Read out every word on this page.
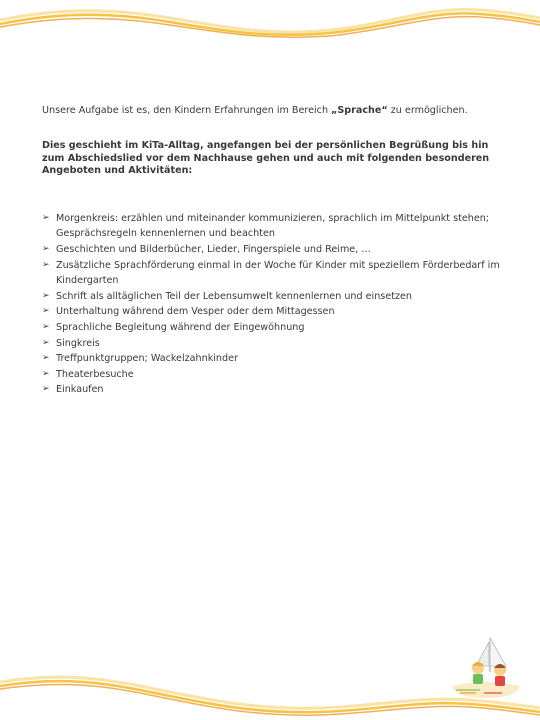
Unsere Aufgabe ist es, den Kindern Erfahrungen im Bereich „Sprache“ zu ermöglichen.

Dies geschieht im KiTa-Alltag, angefangen bei der persönlichen Begrüßung bis hin zum Abschiedslied vor dem Nachhause gehen und auch mit folgenden besonderen Angeboten und Aktivitäten:

➢ Morgenkreis: erzählen und miteinander kommunizieren, sprachlich im Mittelpunkt stehen; Gesprächsregeln kennenlernen und beachten
➢ Geschichten und Bilderbücher, Lieder, Fingerspiele und Reime, …
➢ Zusätzliche Sprachförderung einmal in der Woche für Kinder mit speziellem Förderbedarf im Kindergarten
➢ Schrift als alltäglichen Teil der Lebensumwelt kennenlernen und einsetzen
➢ Unterhaltung während dem Vesper oder dem Mittagessen
➢ Sprachliche Begleitung während der Eingewöhnung
➢ Singkreis
➢ Treffpunktgruppen; Wackelzahnkinder
➢ Theaterbesuche
➢ Einkaufen
